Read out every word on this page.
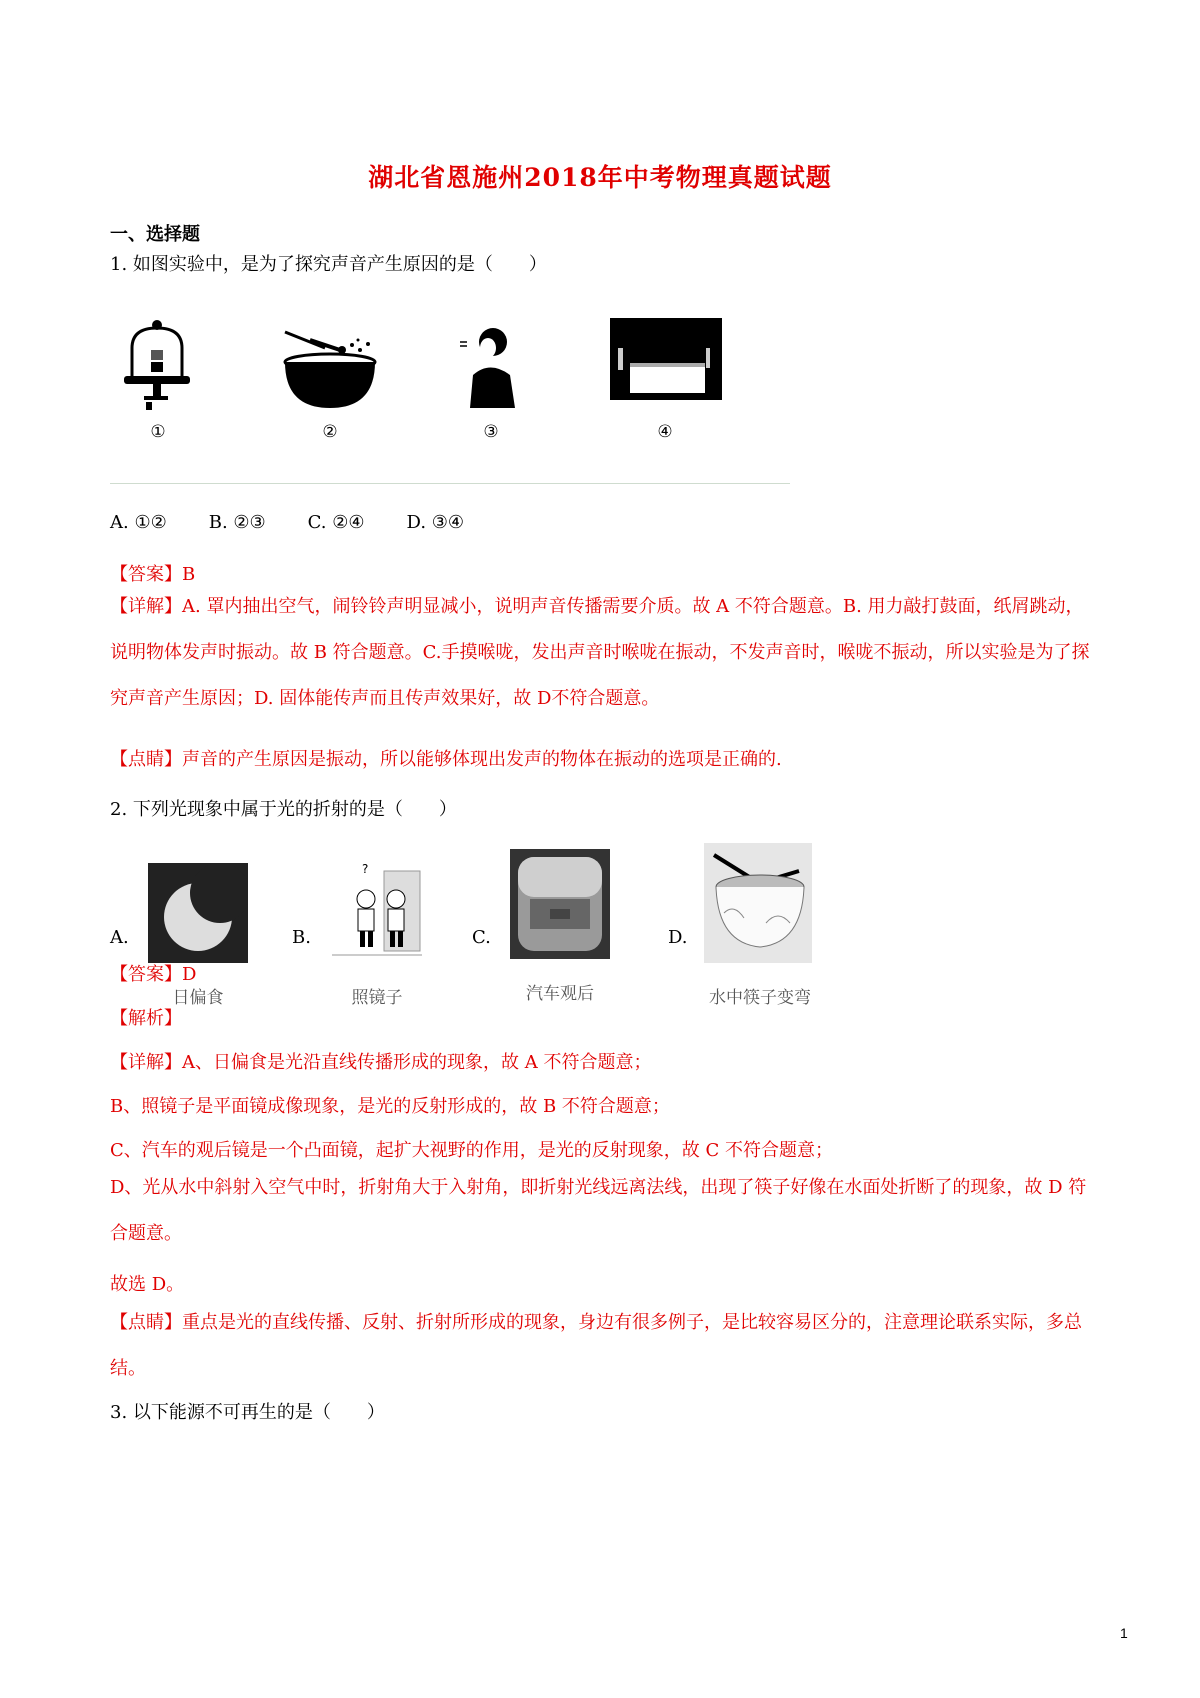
湖北省恩施州2018年中考物理真题试题
一、选择题
1. 如图实验中，是为了探究声音产生原因的是（　　）
①	②	③	④
A. ①② B. ②③ C. ②④ D. ③④
【答案】B
【详解】A. 罩内抽出空气，闹铃铃声明显减小，说明声音传播需要介质。故 A 不符合题意。B. 用力敲打鼓面，纸屑跳动，说明物体发声时振动。故 B 符合题意。C.手摸喉咙，发出声音时喉咙在振动，不发声音时，喉咙不振动，所以实验是为了探究声音产生原因；D. 固体能传声而且传声效果好，故 D不符合题意。
【点睛】声音的产生原因是振动，所以能够体现出发声的物体在振动的选项是正确的.
2. 下列光现象中属于光的折射的是（　　）
A.
日偏食
B.
?
照镜子
C.
汽车观后
D.
水中筷子变弯
【答案】D
【解析】
【详解】A、日偏食是光沿直线传播形成的现象，故 A 不符合题意；
B、照镜子是平面镜成像现象，是光的反射形成的，故 B 不符合题意；
C、汽车的观后镜是一个凸面镜，起扩大视野的作用，是光的反射现象，故 C 不符合题意；
D、光从水中斜射入空气中时，折射角大于入射角，即折射光线远离法线，出现了筷子好像在水面处折断了的现象，故 D 符合题意。
故选 D。
【点睛】重点是光的直线传播、反射、折射所形成的现象，身边有很多例子，是比较容易区分的，注意理论联系实际，多总结。
3. 以下能源不可再生的是（　　）
1
